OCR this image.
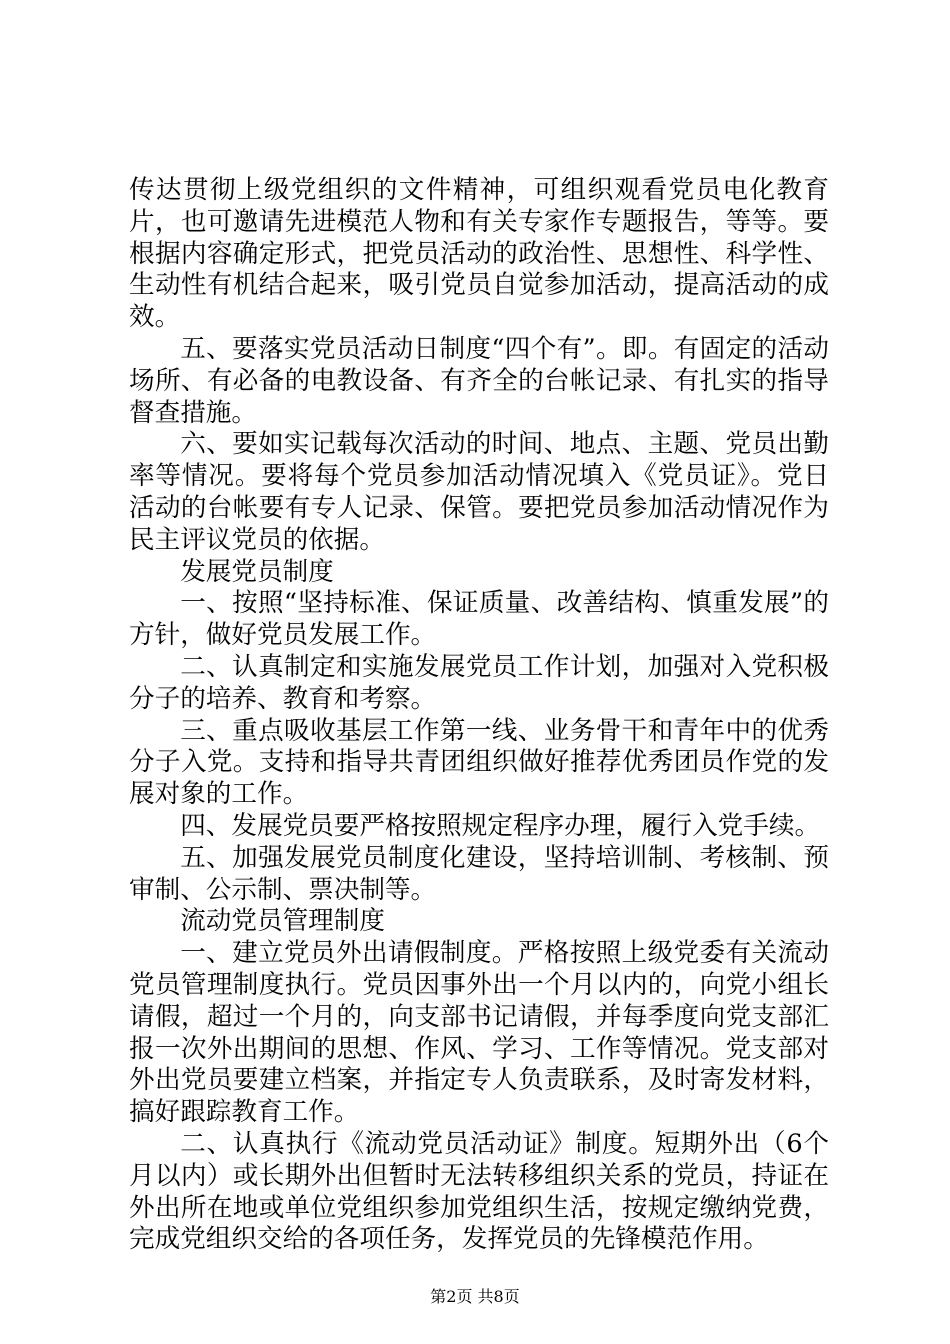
传达贯彻上级党组织的文件精神，可组织观看党员电化教育片，也可邀请先进模范人物和有关专家作专题报告，等等。要根据内容确定形式，把党员活动的政治性、思想性、科学性、生动性有机结合起来，吸引党员自觉参加活动，提高活动的成效。

五、要落实党员活动日制度“四个有”。即。有固定的活动场所、有必备的电教设备、有齐全的台帐记录、有扎实的指导督查措施。

六、要如实记载每次活动的时间、地点、主题、党员出勤率等情况。要将每个党员参加活动情况填入《党员证》。党日活动的台帐要有专人记录、保管。要把党员参加活动情况作为民主评议党员的依据。

发展党员制度

一、按照“坚持标准、保证质量、改善结构、慎重发展”的方针，做好党员发展工作。

二、认真制定和实施发展党员工作计划，加强对入党积极分子的培养、教育和考察。

三、重点吸收基层工作第一线、业务骨干和青年中的优秀分子入党。支持和指导共青团组织做好推荐优秀团员作党的发展对象的工作。

四、发展党员要严格按照规定程序办理，履行入党手续。

五、加强发展党员制度化建设，坚持培训制、考核制、预审制、公示制、票决制等。

流动党员管理制度

一、建立党员外出请假制度。严格按照上级党委有关流动党员管理制度执行。党员因事外出一个月以内的，向党小组长请假，超过一个月的，向支部书记请假，并每季度向党支部汇报一次外出期间的思想、作风、学习、工作等情况。党支部对外出党员要建立档案，并指定专人负责联系，及时寄发材料，搞好跟踪教育工作。

二、认真执行《流动党员活动证》制度。短期外出（6个月以内）或长期外出但暂时无法转移组织关系的党员，持证在外出所在地或单位党组织参加党组织生活，按规定缴纳党费，完成党组织交给的各项任务，发挥党员的先锋模范作用。

第2页 共8页
